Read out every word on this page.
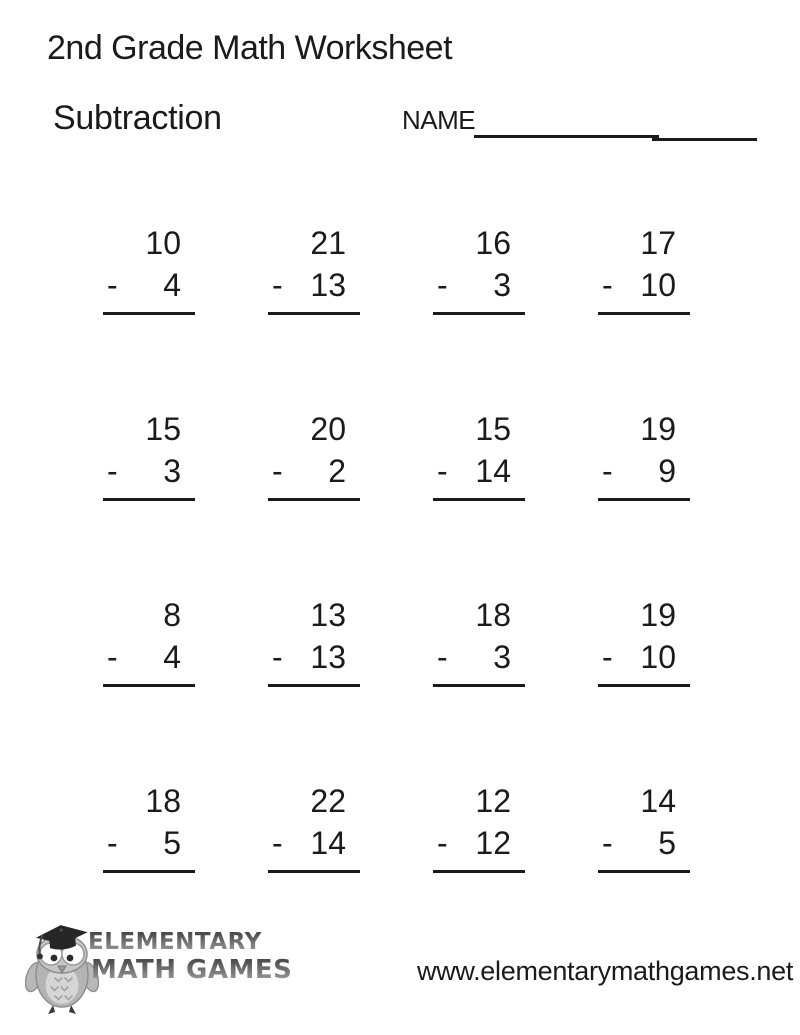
2nd Grade Math Worksheet
Subtraction	NAME
10
- 4
21
- 13
16
- 3
17
- 10
15
- 3
20
- 2
15
- 14
19
- 9
8
- 4
13
- 13
18
- 3
19
- 10
18
- 5
22
- 14
12
- 12
14
- 5
ELEMENTARY
MATH GAMES	www.elementarymathgames.net
